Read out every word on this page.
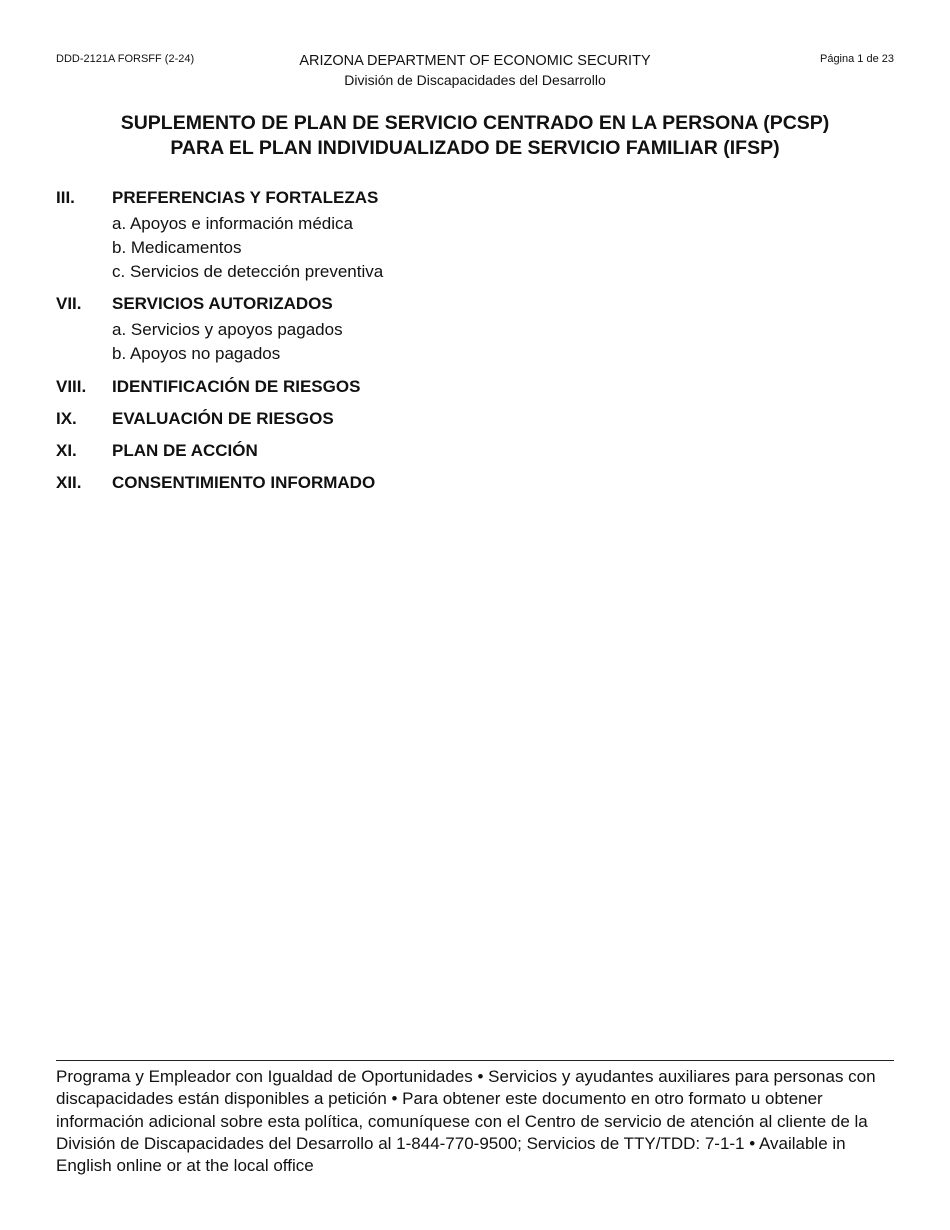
DDD-2121A FORSFF (2-24)	ARIZONA DEPARTMENT OF ECONOMIC SECURITY
División de Discapacidades del Desarrollo
Página 1 de 23
SUPLEMENTO DE PLAN DE SERVICIO CENTRADO EN LA PERSONA (PCSP)
PARA EL PLAN INDIVIDUALIZADO DE SERVICIO FAMILIAR (IFSP)
III.	PREFERENCIAS Y FORTALEZAS
a. Apoyos e información médica
b. Medicamentos
c. Servicios de detección preventiva
VII.	SERVICIOS AUTORIZADOS
a. Servicios y apoyos pagados
b. Apoyos no pagados
VIII.	IDENTIFICACIÓN DE RIESGOS
IX.	EVALUACIÓN DE RIESGOS
XI.	PLAN DE ACCIÓN
XII.	CONSENTIMIENTO INFORMADO

Programa y Empleador con Igualdad de Oportunidades • Servicios y ayudantes auxiliares para personas con discapacidades están disponibles a petición • Para obtener este documento en otro formato u obtener información adicional sobre esta política, comuníquese con el Centro de servicio de atención al cliente de la División de Discapacidades del Desarrollo al 1-844-770-9500; Servicios de TTY/TDD: 7-1-1 • Available in English online or at the local office
